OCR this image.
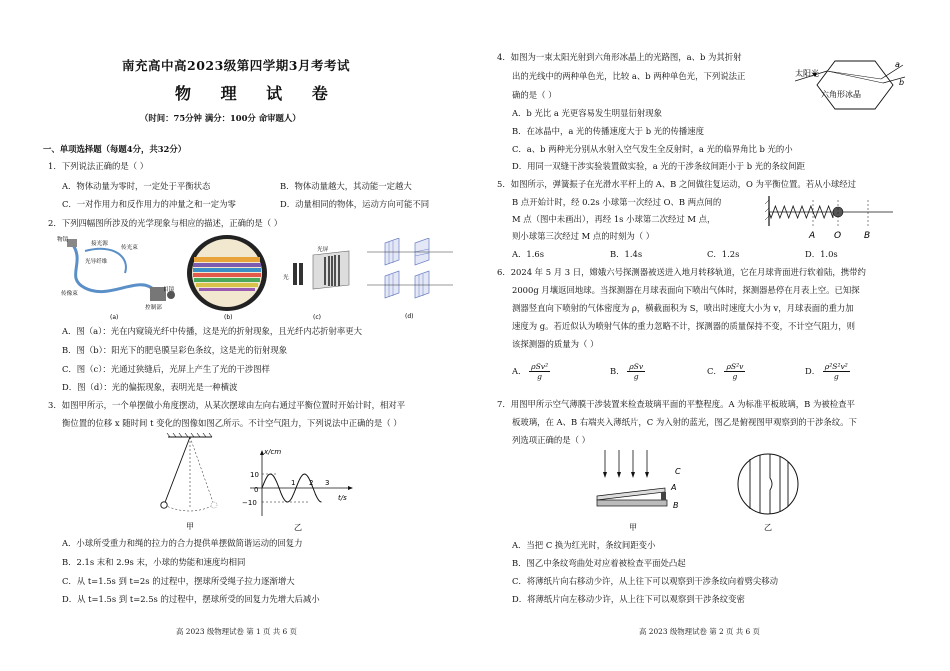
南充高中高2023级第四学期3月考考试
物 理 试 卷
（时间：75分钟 满分：100分 命审题人）
一、单项选择题（每题4分，共32分）
1．下列说法正确的是（ ）
A．物体动量为零时，一定处于平衡状态	B．物体动量越大，其动能一定越大
C．一对作用力和反作用力的冲量之和一定为零	D．动量相同的物体，运动方向可能不同
2．下列四幅图所涉及的光学现象与相应的描述，正确的是（ ）
物镜
接光源
传光束
光导纤维
传像束
目镜
控制部
(a)	(b)
光
光屏
(c)	(d)
A．图（a）：光在内窥镜光纤中传播，这是光的折射现象，且光纤内芯折射率更大
B．图（b）：阳光下的肥皂膜呈彩色条纹，这是光的衍射现象
C．图（c）：光通过狭缝后，光屏上产生了光的干涉图样
D．图（d）：光的偏振现象，表明光是一种横波
3．如图甲所示，一个单摆做小角度摆动，从某次摆球由左向右通过平衡位置时开始计时，相对平
衡位置的位移 x 随时间 t 变化的图像如图乙所示。不计空气阻力，下列说法中正确的是（ ）
甲
x/cm
t/s
10
0
−10
1 2 3
乙
A．小球所受重力和绳的拉力的合力提供单摆做简谐运动的回复力
B．2.1s 末和 2.9s 末，小球的势能和速度均相同
C．从 t=1.5s 到 t=2s 的过程中，摆球所受绳子拉力逐渐增大
D．从 t=1.5s 到 t=2.5s 的过程中，摆球所受的回复力先增大后减小
高 2023 级物理试卷 第 1 页 共 6 页
4．如图为一束太阳光射到六角形冰晶上的光路图，a、b 为其折射
出的光线中的两种单色光，比较 a、b 两种单色光，下列说法正
确的是（ ）
太阳光
六角形冰晶
a
b
A．b 光比 a 光更容易发生明显衍射现象
B．在冰晶中，a 光的传播速度大于 b 光的传播速度
C．a、b 两种光分别从水射入空气发生全反射时，a 光的临界角比 b 光的小
D．用同一双缝干涉实验装置做实验，a 光的干涉条纹间距小于 b 光的条纹间距
5．如图所示，弹簧振子在光滑水平杆上的 A、B 之间做往复运动，O 为平衡位置。若从小球经过
B 点开始计时，经 0.2s 小球第一次经过 O、B 两点间的
M 点（图中未画出），再经 1s 小球第二次经过 M 点，
则小球第三次经过 M 点的时刻为（ ）	A O	B
A．1.6s	B．1.4s	C．1.2s	D．1.0s
6．2024 年 5 月 3 日，嫦娥六号探测器被送进入地月转移轨道，它在月球背面进行软着陆，携带约
2000g 月壤返回地球。当探测器在月球表面向下喷出气体时，探测器悬停在月表上空。已知探
测器竖直向下喷射的气体密度为 ρ，横截面积为 S，喷出时速度大小为 v，月球表面的重力加
速度为 g。若近似认为喷射气体的重力忽略不计，探测器的质量保持不变，不计空气阻力，则
该探测器的质量为（ ）
A． $\frac{\text{ρSv²}}{g}$	B． $\frac{\text{ρSv}}{g}$	C． $\frac{\text{ρS²v}}{g}$	D． $\frac{\text{ρ²S²v²}}{g}$
7．用图甲所示空气薄膜干涉装置来检查玻璃平面的平整程度。A 为标准平板玻璃，B 为被检查平
板玻璃，在 A、B 右端夹入薄纸片，C 为入射的蓝光，图乙是俯视图甲观察到的干涉条纹。下
列选项正确的是（ ）
C
A
B
甲	乙
A．当把 C 换为红光时，条纹间距变小
B．图乙中条纹弯曲处对应着被检查平面处凸起
C．将薄纸片向右移动少许，从上往下可以观察到干涉条纹向着劈尖移动
D．将薄纸片向左移动少许，从上往下可以观察到干涉条纹变密
高 2023 级物理试卷 第 2 页 共 6 页
